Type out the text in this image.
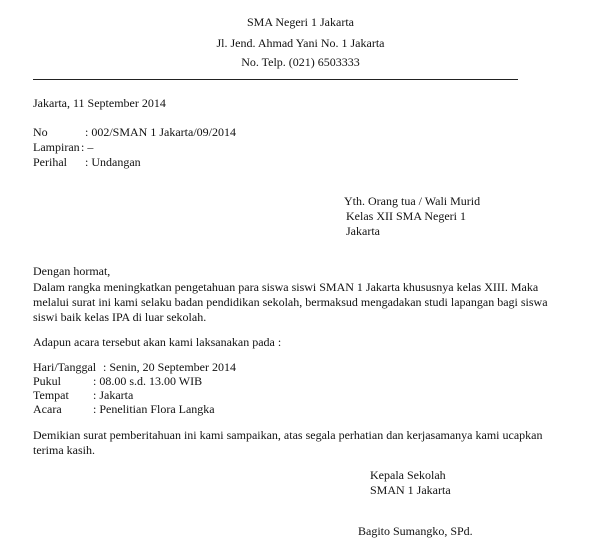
SMA Negeri 1 Jakarta
Jl. Jend. Ahmad Yani No. 1 Jakarta
No. Telp. (021) 6503333
Jakarta, 11 September 2014
No	: 002/SMAN 1 Jakarta/09/2014
Lampiran : –
Perihal : Undangan
Yth. Orang tua / Wali Murid
Kelas XII SMA Negeri 1
Jakarta
Dengan hormat,
Dalam rangka meningkatkan pengetahuan para siswa siswi SMAN 1 Jakarta khususnya kelas XIII. Maka
melalui surat ini kami selaku badan pendidikan sekolah, bermaksud mengadakan studi lapangan bagi siswa
siswi baik kelas IPA di luar sekolah.
Adapun acara tersebut akan kami laksanakan pada :
Hari/Tanggal : Senin, 20 September 2014
Pukul	: 08.00 s.d. 13.00 WIB
Tempat : Jakarta
Acara	: Penelitian Flora Langka
Demikian surat pemberitahuan ini kami sampaikan, atas segala perhatian dan kerjasamanya kami ucapkan
terima kasih.
Kepala Sekolah
SMAN 1 Jakarta
Bagito Sumangko, SPd.
